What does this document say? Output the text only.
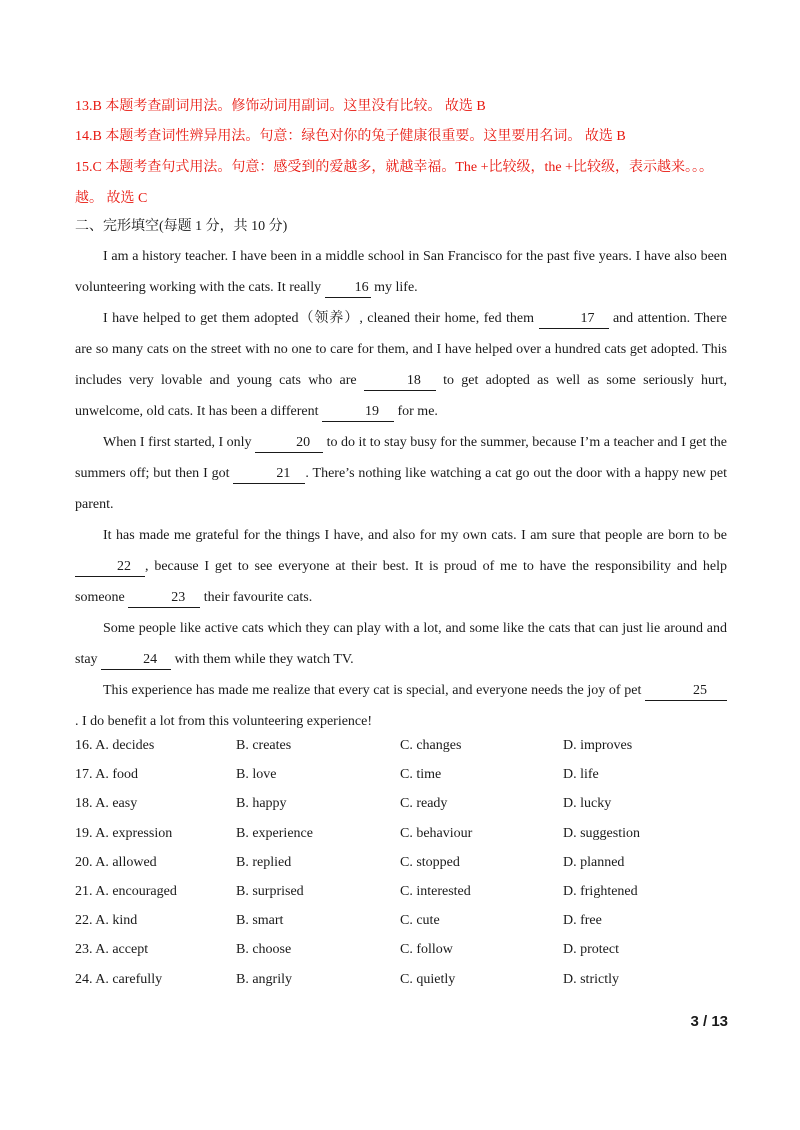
13.B 本题考查副词用法。修饰动词用副词。这里没有比较。 故选 B
14.B 本题考查词性辨异用法。句意：绿色对你的兔子健康很重要。这里要用名词。 故选 B
15.C 本题考查句式用法。句意：感受到的爱越多，就越幸福。The +比较级，the +比较级，表示越来。。。越。 故选 C
二、完形填空(每题 1 分，共 10 分)

I am a history teacher. I have been in a middle school in San Francisco for the past five years. I have also been volunteering working with the cats. It really 16 my life.

I have helped to get them adopted（领养）, cleaned their home, fed them	17 and attention. There are so many cats on the street with no one to care for them, and I have helped over a hundred cats get adopted. This includes very lovable and young cats who are	18 to get adopted as well as some seriously hurt, unwelcome, old cats. It has been a different	19 for me.

When I first started, I only	20 to do it to stay busy for the summer, because I’m a teacher and I get the summers off; but then I got	21 . There’s nothing like watching a cat go out the door with a happy new pet parent.

It has made me grateful for the things I have, and also for my own cats. I am sure that people are born to be 22 , because I get to see everyone at their best. It is proud of me to have the responsibility and help someone	23 their favourite cats.

Some people like active cats which they can play with a lot, and some like the cats that can just lie around and stay	24 with them while they watch TV.

This experience has made me realize that every cat is special, and everyone needs the joy of pet	25. I do benefit a lot from this volunteering experience!

16. A. decides	B. creates	C. changes	D. improves
17. A. food	B. love	C. time	D. life
18. A. easy	B. happy	C. ready	D. lucky
19. A. expression	B. experience	C. behaviour	D. suggestion
20. A. allowed	B. replied	C. stopped	D. planned
21. A. encouraged	B. surprised	C. interested	D. frightened
22. A. kind	B. smart	C. cute	D. free
23. A. accept	B. choose	C. follow	D. protect
24. A. carefully	B. angrily	C. quietly	D. strictly
3 / 13
